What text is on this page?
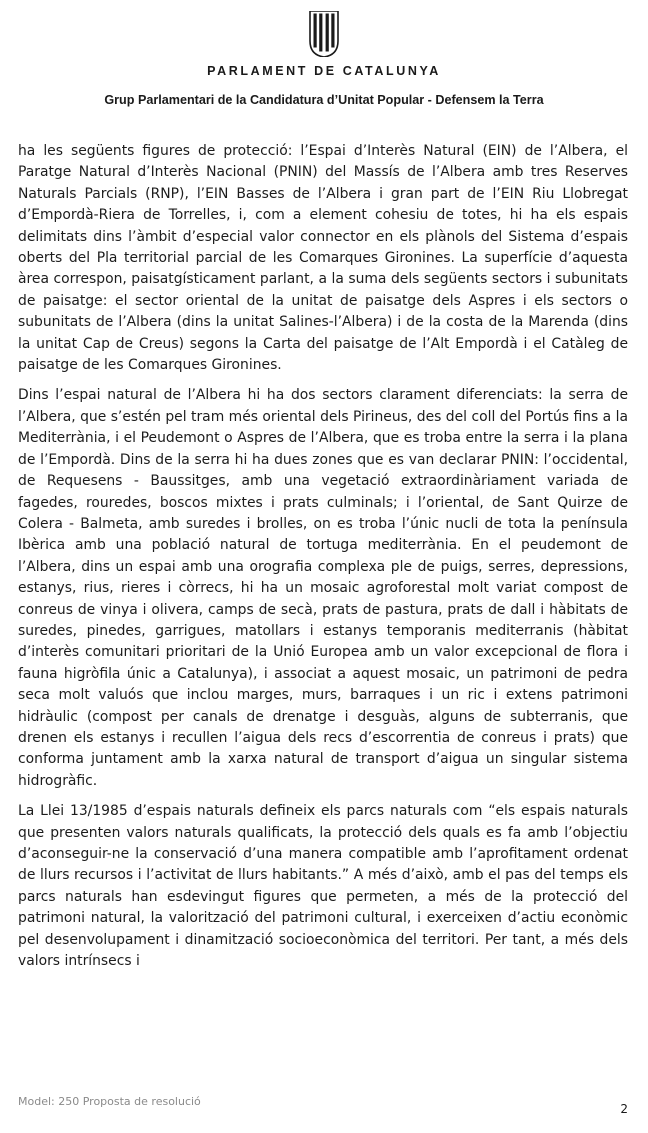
PARLAMENT DE CATALUNYA
Grup Parlamentari de la Candidatura d’Unitat Popular - Defensem la Terra

ha les següents figures de protecció: l’Espai d’Interès Natural (EIN) de l’Albera, el Paratge Natural d’Interès Nacional (PNIN) del Massís de l’Albera amb tres Reserves Naturals Parcials (RNP), l’EIN Basses de l’Albera i gran part de l’EIN Riu Llobregat d’Empordà-Riera de Torrelles, i, com a element cohesiu de totes, hi ha els espais delimitats dins l’àmbit d’especial valor connector en els plànols del Sistema d’espais oberts del Pla territorial parcial de les Comarques Gironines. La superfície d’aquesta àrea correspon, paisatgísticament parlant, a la suma dels següents sectors i subunitats de paisatge: el sector oriental de la unitat de paisatge dels Aspres i els sectors o subunitats de l’Albera (dins la unitat Salines-l’Albera) i de la costa de la Marenda (dins la unitat Cap de Creus) segons la Carta del paisatge de l’Alt Empordà i el Catàleg de paisatge de les Comarques Gironines.

Dins l’espai natural de l’Albera hi ha dos sectors clarament diferenciats: la serra de l’Albera, que s’estén pel tram més oriental dels Pirineus, des del coll del Portús fins a la Mediterrània, i el Peudemont o Aspres de l’Albera, que es troba entre la serra i la plana de l’Empordà. Dins de la serra hi ha dues zones que es van declarar PNIN: l’occidental, de Requesens - Baussitges, amb una vegetació extraordinàriament variada de fagedes, rouredes, boscos mixtes i prats culminals; i l’oriental, de Sant Quirze de Colera - Balmeta, amb suredes i brolles, on es troba l’únic nucli de tota la península Ibèrica amb una població natural de tortuga mediterrània. En el peudemont de l’Albera, dins un espai amb una orografia complexa ple de puigs, serres, depressions, estanys, rius, rieres i còrrecs, hi ha un mosaic agroforestal molt variat compost de conreus de vinya i olivera, camps de secà, prats de pastura, prats de dall i hàbitats de suredes, pinedes, garrigues, matollars i estanys temporanis mediterranis (hàbitat d’interès comunitari prioritari de la Unió Europea amb un valor excepcional de flora i fauna higròfila únic a Catalunya), i associat a aquest mosaic, un patrimoni de pedra seca molt valuós que inclou marges, murs, barraques i un ric i extens patrimoni hidràulic (compost per canals de drenatge i desguàs, alguns de subterranis, que drenen els estanys i recullen l’aigua dels recs d’escorrentia de conreus i prats) que conforma juntament amb la xarxa natural de transport d’aigua un singular sistema hidrogràfic.

La Llei 13/1985 d’espais naturals defineix els parcs naturals com “els espais naturals que presenten valors naturals qualificats, la protecció dels quals es fa amb l’objectiu d’aconseguir-ne la conservació d’una manera compatible amb l’aprofitament ordenat de llurs recursos i l’activitat de llurs habitants.” A més d’això, amb el pas del temps els parcs naturals han esdevingut figures que permeten, a més de la protecció del patrimoni natural, la valorització del patrimoni cultural, i exerceixen d’actiu econòmic pel desenvolupament i dinamització socioeconòmica del territori. Per tant, a més dels valors intrínsecs i

Model: 250 Proposta de resolució
2
